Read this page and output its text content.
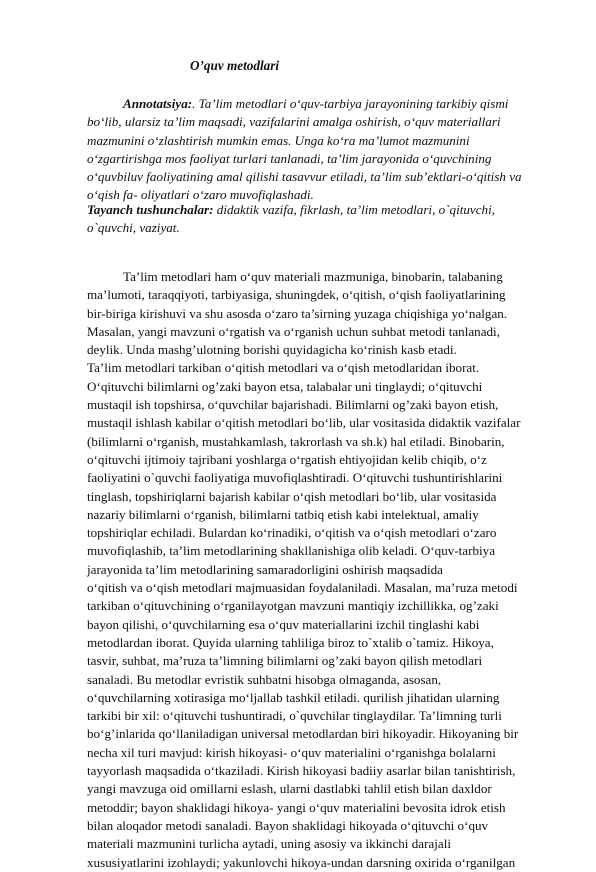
O’quv metodlari

Annotatsiya:. Ta’lim metodlari o‘quv-tarbiya jarayonining tarkibiy qismi
bo‘lib, ularsiz ta’lim maqsadi, vazifalarini amalga oshirish, o‘quv materiallari
mazmunini o‘zlashtirish mumkin emas. Unga ko‘ra ma’lumot mazmunini
o‘zgartirishga mos faoliyat turlari tanlanadi, ta’lim jarayonida o‘quvchining
o‘quvbiluv faoliyatining amal qilishi tasavvur etiladi, ta’lim sub’ektlari-o‘qitish va
o‘qish fa- oliyatlari o‘zaro muvofiqlashadi.

Tayanch tushunchalar: didaktik vazifa, fikrlash, ta’lim metodlari, o`qituvchi,
o`quvchi, vaziyat.

Ta’lim metodlari ham o‘quv materiali mazmuniga, binobarin, talabaning
ma’lumoti, taraqqiyoti, tarbiyasiga, shuningdek, o‘qitish, o‘qish faoliyatlarining
bir-biriga kirishuvi va shu asosda o‘zaro ta’sirning yuzaga chiqishiga yo‘nalgan.
Masalan, yangi mavzuni o‘rgatish va o‘rganish uchun suhbat metodi tanlanadi,
deylik. Unda mashg’ulotning borishi quyidagicha ko‘rinish kasb etadi.
Ta’lim metodlari tarkiban o‘qitish metodlari va o‘qish metodlaridan iborat.
O‘qituvchi bilimlarni og’zaki bayon etsa, talabalar uni tinglaydi; o‘qituvchi
mustaqil ish topshirsa, o‘quvchilar bajarishadi. Bilimlarni og’zaki bayon etish,
mustaqil ishlash kabilar o‘qitish metodlari bo‘lib, ular vositasida didaktik vazifalar
(bilimlarni o‘rganish, mustahkamlash, takrorlash va sh.k) hal etiladi. Binobarin,
o‘qituvchi ijtimoiy tajribani yoshlarga o‘rgatish ehtiyojidan kelib chiqib, o‘z
faoliyatini o`quvchi faoliyatiga muvofiqlashtiradi. O‘qituvchi tushuntirishlarini
tinglash, topshiriqlarni bajarish kabilar o‘qish metodlari bo‘lib, ular vositasida
nazariy bilimlarni o‘rganish, bilimlarni tatbiq etish kabi intelektual, amaliy
topshiriqlar echiladi. Bulardan ko‘rinadiki, o‘qitish va o‘qish metodlari o‘zaro
muvofiqlashib, ta’lim metodlarining shakllanishiga olib keladi. O‘quv-tarbiya
jarayonida ta’lim metodlarining samaradorligini oshirish maqsadida
o‘qitish va o‘qish metodlari majmuasidan foydalaniladi. Masalan, ma’ruza metodi
tarkiban o‘qituvchining o‘rganilayotgan mavzuni mantiqiy izchillikka, og’zaki
bayon qilishi, o‘quvchilarning esa o‘quv materiallarini izchil tinglashi kabi
metodlardan iborat. Quyida ularning tahliliga biroz to`xtalib o`tamiz. Hikoya,
tasvir, suhbat, ma’ruza ta’limning bilimlarni og’zaki bayon qilish metodlari
sanaladi. Bu metodlar evristik suhbatni hisobga olmaganda, asosan,
o‘quvchilarning xotirasiga mo‘ljallab tashkil etiladi. qurilish jihatidan ularning
tarkibi bir xil: o‘qituvchi tushuntiradi, o`quvchilar tinglaydilar. Ta’limning turli
bo‘g’inlarida qo‘llaniladigan universal metodlardan biri hikoyadir. Hikoyaning bir
necha xil turi mavjud: kirish hikoyasi- o‘quv materialini o‘rganishga bolalarni
tayyorlash maqsadida o‘tkaziladi. Kirish hikoyasi badiiy asarlar bilan tanishtirish,
yangi mavzuga oid omillarni eslash, ularni dastlabki tahlil etish bilan daxldor
metoddir; bayon shaklidagi hikoya- yangi o‘quv materialini bevosita idrok etish
bilan aloqador metodi sanaladi. Bayon shaklidagi hikoyada o‘qituvchi o‘quv
materiali mazmunini turlicha aytadi, uning asosiy va ikkinchi darajali
xususiyatlarini izohlaydi; yakunlovchi hikoya-undan darsning oxirida o‘rganilgan
